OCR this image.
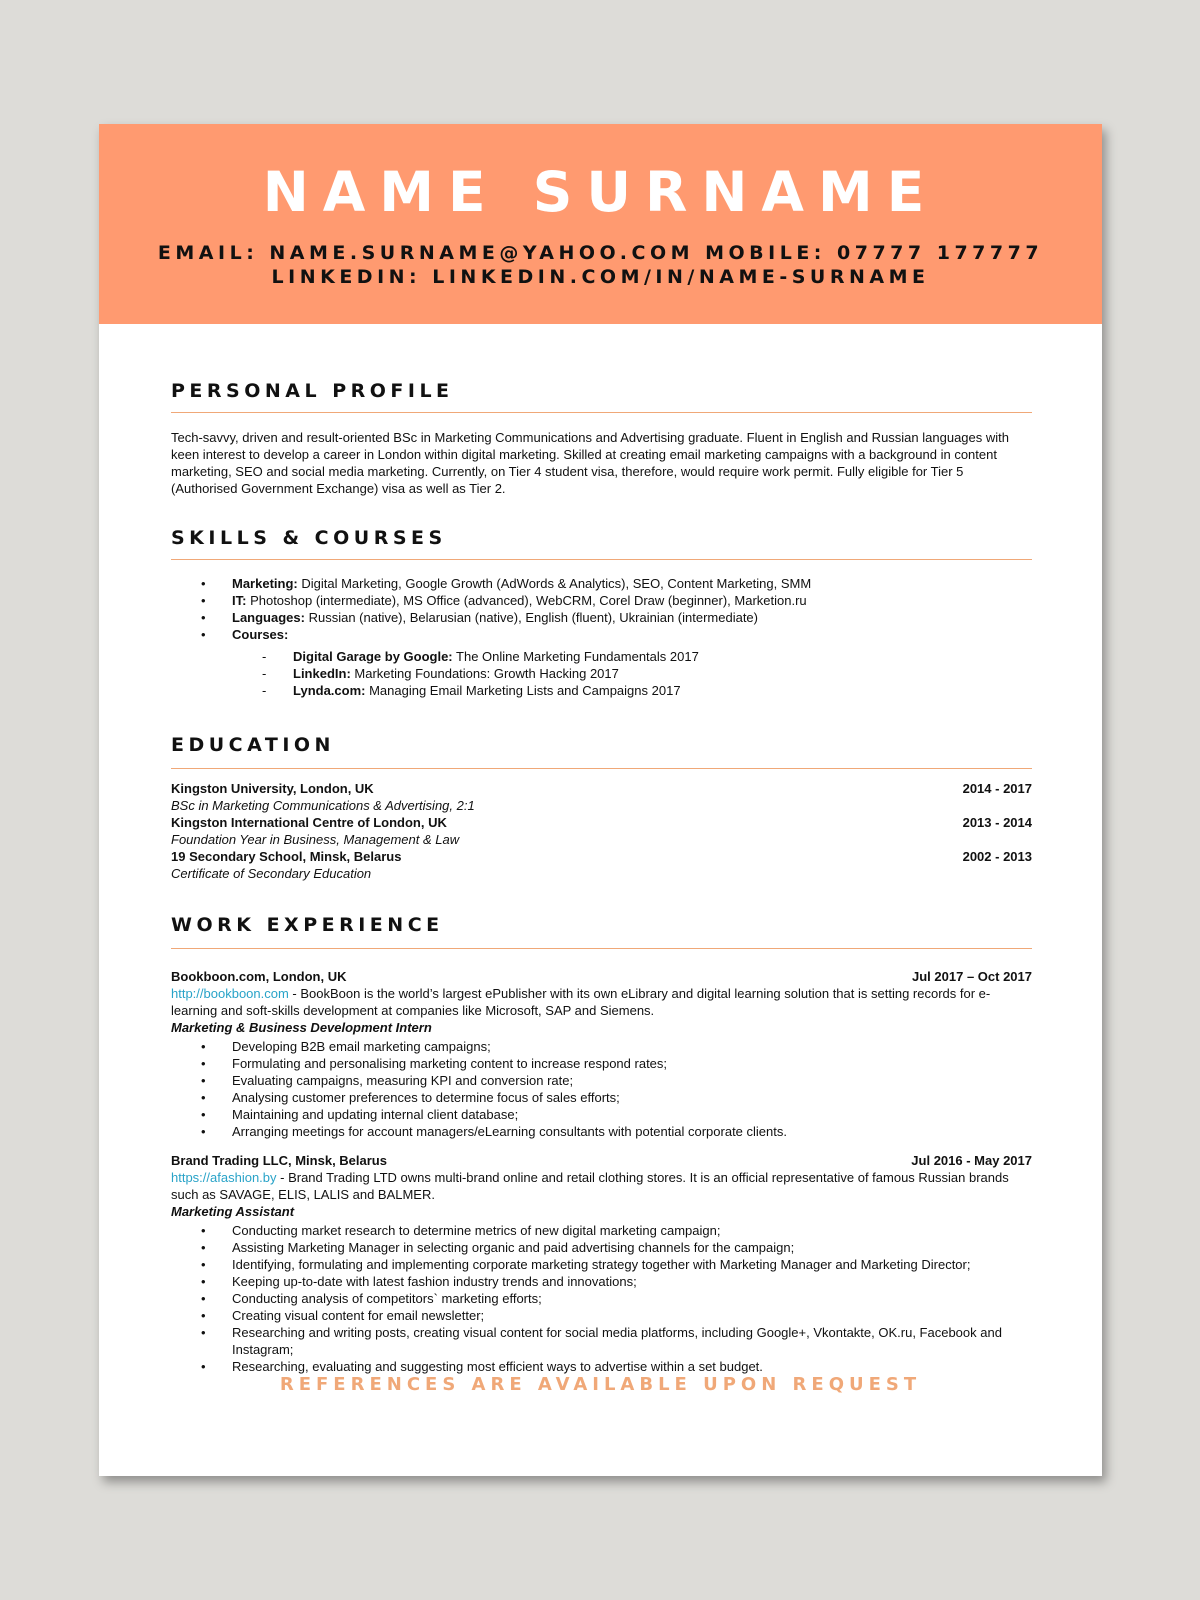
NAME SURNAME
EMAIL: NAME.SURNAME@YAHOO.COM MOBILE: 07777 177777
LINKEDIN: LINKEDIN.COM/IN/NAME-SURNAME
PERSONAL PROFILE
Tech-savvy, driven and result-oriented BSc in Marketing Communications and Advertising graduate. Fluent in English and Russian languages with keen interest to develop a career in London within digital marketing. Skilled at creating email marketing campaigns with a background in content marketing, SEO and social media marketing. Currently, on Tier 4 student visa, therefore, would require work permit. Fully eligible for Tier 5 (Authorised Government Exchange) visa as well as Tier 2.
SKILLS & COURSES
• Marketing: Digital Marketing, Google Growth (AdWords & Analytics), SEO, Content Marketing, SMM
• IT: Photoshop (intermediate), MS Office (advanced), WebCRM, Corel Draw (beginner), Marketion.ru
• Languages: Russian (native), Belarusian (native), English (fluent), Ukrainian (intermediate)
• Courses:
- Digital Garage by Google: The Online Marketing Fundamentals 2017
- LinkedIn: Marketing Foundations: Growth Hacking 2017
- Lynda.com: Managing Email Marketing Lists and Campaigns 2017
EDUCATION
Kingston University, London, UK	2014 - 2017
BSc in Marketing Communications & Advertising, 2:1
Kingston International Centre of London, UK	2013 - 2014
Foundation Year in Business, Management & Law
19 Secondary School, Minsk, Belarus	2002 - 2013
Certificate of Secondary Education
WORK EXPERIENCE
Bookboon.com, London, UK	Jul 2017 – Oct 2017
http://bookboon.com - BookBoon is the world’s largest ePublisher with its own eLibrary and digital learning solution that is setting records for e-learning and soft-skills development at companies like Microsoft, SAP and Siemens.
Marketing & Business Development Intern
• Developing B2B email marketing campaigns;
• Formulating and personalising marketing content to increase respond rates;
• Evaluating campaigns, measuring KPI and conversion rate;
• Analysing customer preferences to determine focus of sales efforts;
• Maintaining and updating internal client database;
• Arranging meetings for account managers/eLearning consultants with potential corporate clients.
Brand Trading LLC, Minsk, Belarus	Jul 2016 - May 2017
https://afashion.by - Brand Trading LTD owns multi-brand online and retail clothing stores. It is an official representative of famous Russian brands such as SAVAGE, ELIS, LALIS and BALMER.
Marketing Assistant
• Conducting market research to determine metrics of new digital marketing campaign;
• Assisting Marketing Manager in selecting organic and paid advertising channels for the campaign;
• Identifying, formulating and implementing corporate marketing strategy together with Marketing Manager and Marketing Director;
• Keeping up-to-date with latest fashion industry trends and innovations;
• Conducting analysis of competitors` marketing efforts;
• Creating visual content for email newsletter;
• Researching and writing posts, creating visual content for social media platforms, including Google+, Vkontakte, OK.ru, Facebook and Instagram;
• Researching, evaluating and suggesting most efficient ways to advertise within a set budget.
REFERENCES ARE AVAILABLE UPON REQUEST
